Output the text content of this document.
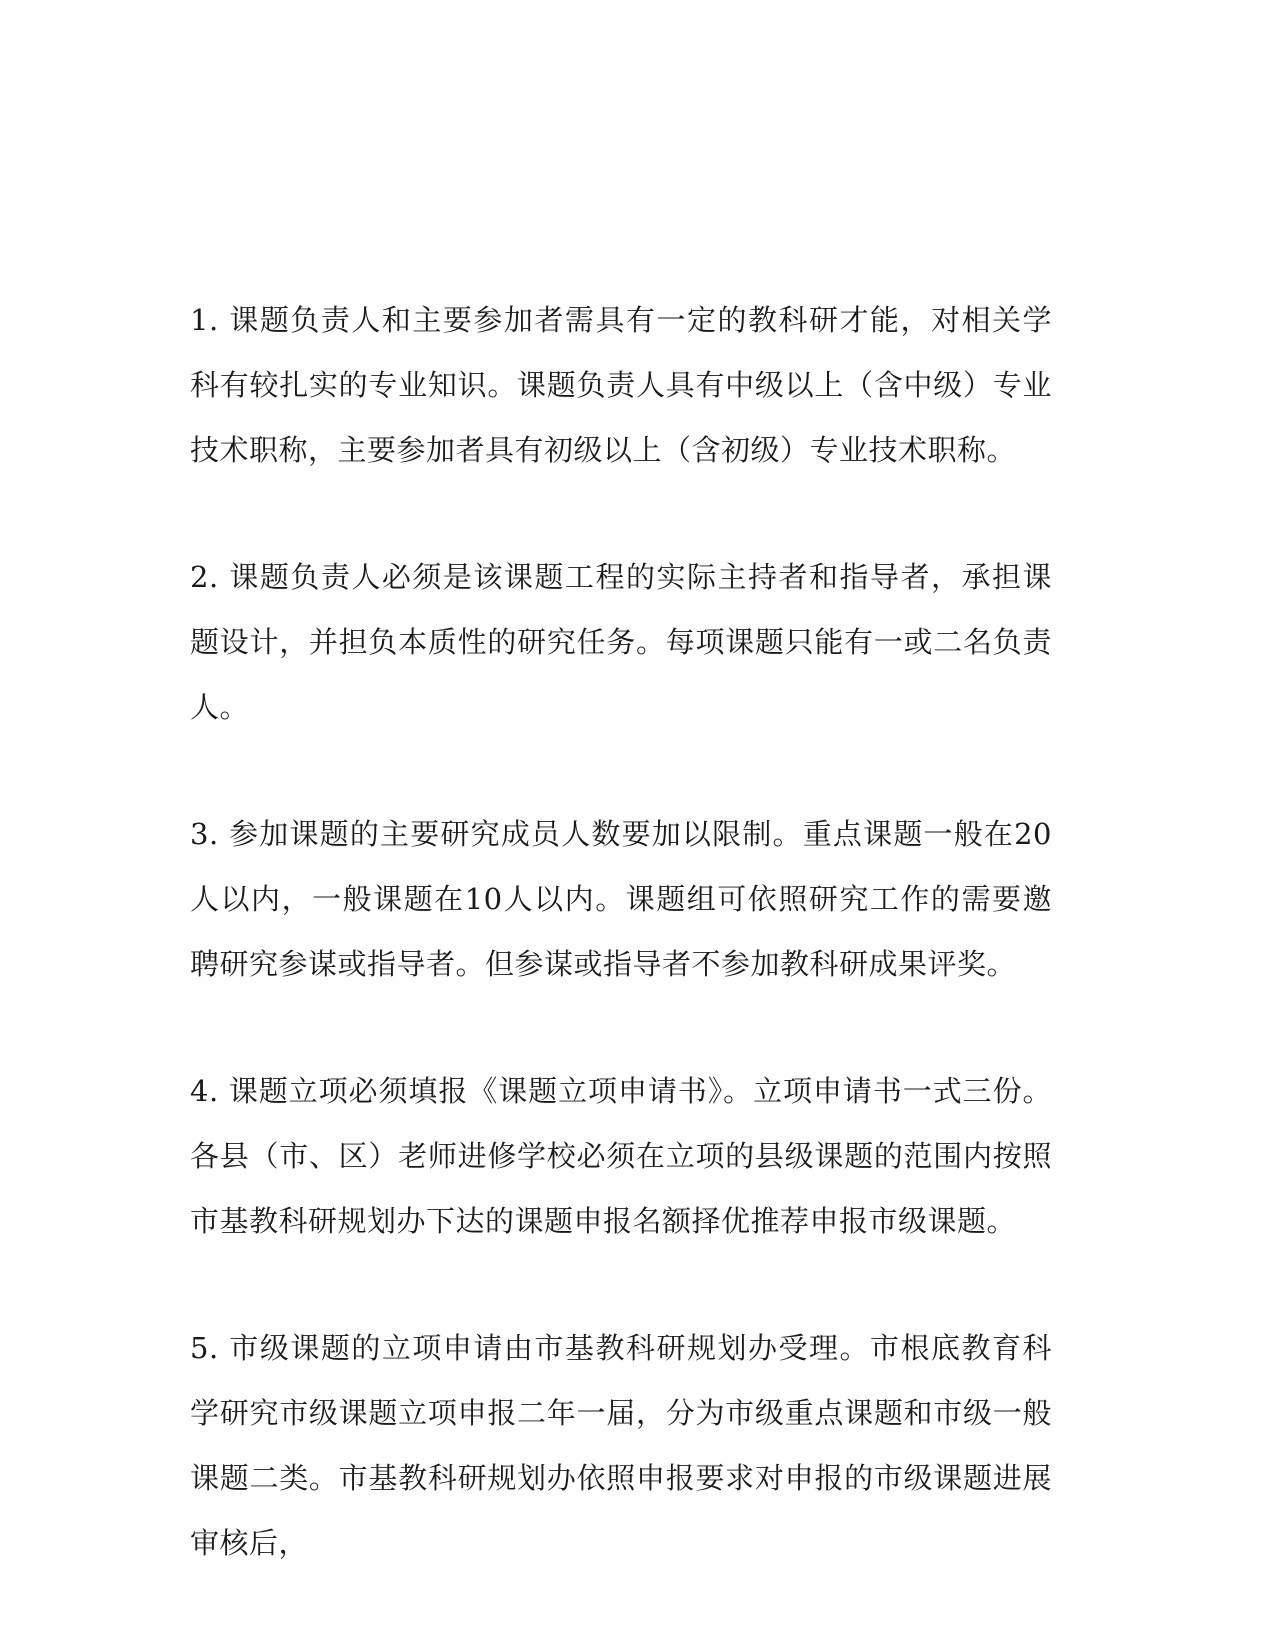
1. 课题负责人和主要参加者需具有一定的教科研才能，对相关学科有较扎实的专业知识。课题负责人具有中级以上（含中级）专业技术职称，主要参加者具有初级以上（含初级）专业技术职称。

2. 课题负责人必须是该课题工程的实际主持者和指导者，承担课题设计，并担负本质性的研究任务。每项课题只能有一或二名负责人。

3. 参加课题的主要研究成员人数要加以限制。重点课题一般在20人以内，一般课题在10人以内。课题组可依照研究工作的需要邀聘研究参谋或指导者。但参谋或指导者不参加教科研成果评奖。

4. 课题立项必须填报《课题立项申请书》。立项申请书一式三份。各县（市、区）老师进修学校必须在立项的县级课题的范围内按照市基教科研规划办下达的课题申报名额择优推荐申报市级课题。

5. 市级课题的立项申请由市基教科研规划办受理。市根底教育科学研究市级课题立项申报二年一届，分为市级重点课题和市级一般课题二类。市基教科研规划办依照申报要求对申报的市级课题进展审核后，
